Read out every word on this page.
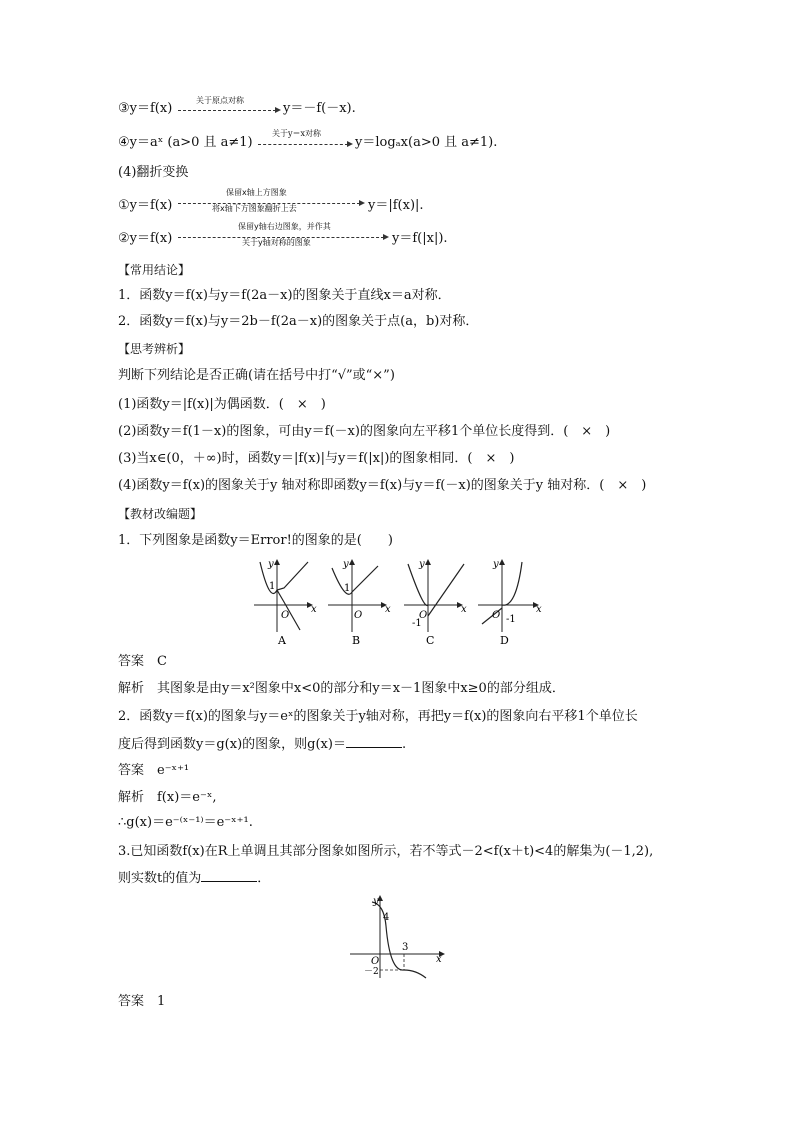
③y＝f(x)
关于原点对称
y＝－f(－x).
④y＝aˣ (a>0 且 a≠1)
关于y＝x对称
y＝logₐx(a>0 且 a≠1).
(4)翻折变换
①y＝f(x)
保留x轴上方图象
将x轴下方图象翻折上去	y＝|f(x)|.
②y＝f(x)
保留y轴右边图象，并作其
关于y轴对称的图象	y＝f(|x|).
【常用结论】
1．函数y＝f(x)与y＝f(2a－x)的图象关于直线x＝a对称．
2．函数y＝f(x)与y＝2b－f(2a－x)的图象关于点(a，b)对称．
【思考辨析】
判断下列结论是否正确(请在括号中打“√”或“×”)
(1)函数y＝|f(x)|为偶函数．(　×　)
(2)函数y＝f(1－x)的图象，可由y＝f(－x)的图象向左平移1个单位长度得到．(　×　)
(3)当x∈(0，＋∞)时，函数y＝|f(x)|与y＝f(|x|)的图象相同．(　×　)
(4)函数y＝f(x)的图象关于y 轴对称即函数y＝f(x)与y＝f(－x)的图象关于y 轴对称．(　×　)
【教材改编题】
1．下列图象是函数y＝Error!的图象的是(　　)
y
x
O
1
A
y
x
O
1
B
y
x
O
-1
C
y
x
O -1
D
答案　C
解析　其图象是由y＝x²图象中x<0的部分和y＝x－1图象中x≥0的部分组成．
2．函数y＝f(x)的图象与y＝eˣ的图象关于y轴对称，再把y＝f(x)的图象向右平移1个单位长
度后得到函数y＝g(x)的图象，则g(x)＝	.
答案　e⁻ˣ⁺¹
解析　f(x)＝e⁻ˣ,
∴g(x)＝e⁻⁽ˣ⁻¹⁾＝e⁻ˣ⁺¹.
3.已知函数f(x)在R上单调且其部分图象如图所示，若不等式－2<f(x＋t)<4的解集为(－1,2),
则实数t的值为	．
y
x
4
3
O
－2
答案　1
